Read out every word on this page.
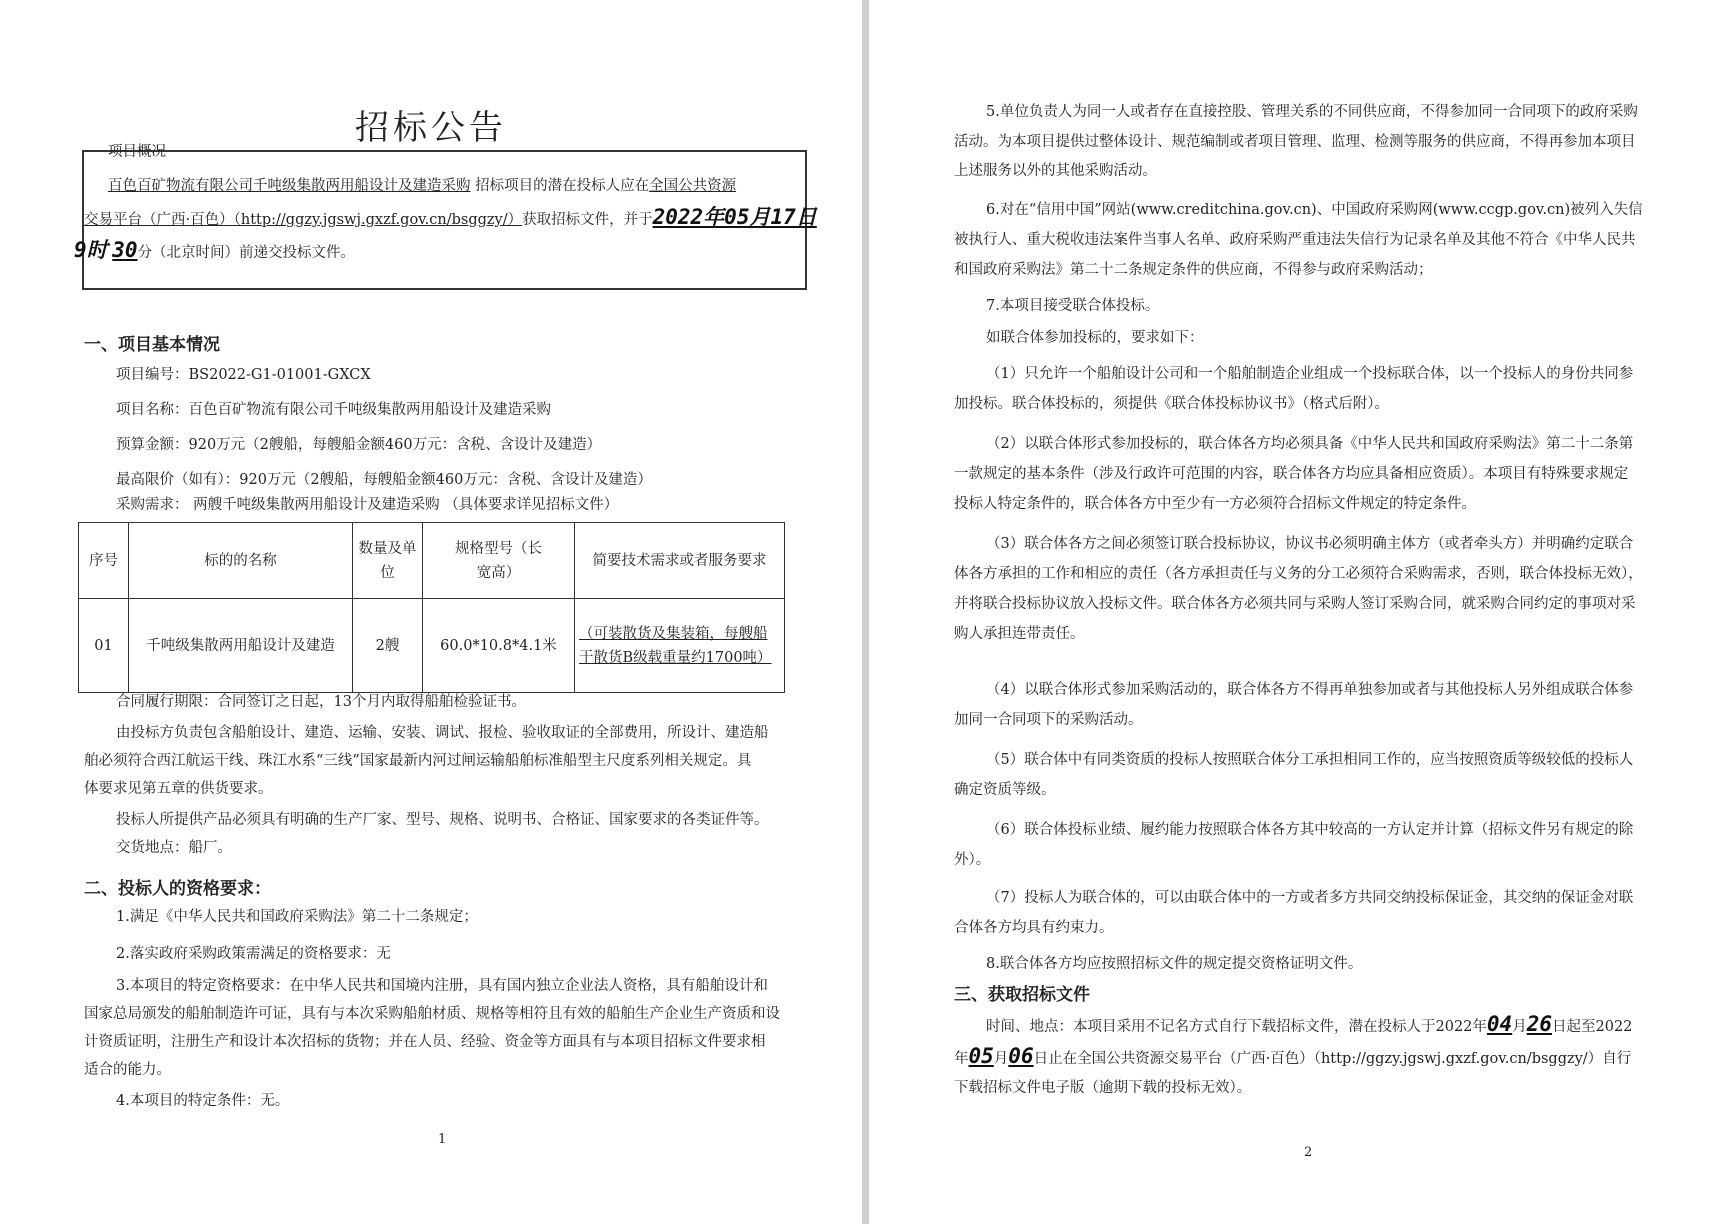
招标公告
项目概况
百色百矿物流有限公司千吨级集散两用船设计及建造采购 招标项目的潜在投标人应在全国公共资源
交易平台（广西·百色）（http://ggzy.jgswj.gxzf.gov.cn/bsggzy/）获取招标文件，并于2022年05月17日
9时 30分（北京时间）前递交投标文件。
一、项目基本情况
项目编号：BS2022-G1-01001-GXCX
项目名称：百色百矿物流有限公司千吨级集散两用船设计及建造采购
预算金额：920万元（2艘船，每艘船金额460万元：含税、含设计及建造）
最高限价（如有）：920万元（2艘船，每艘船金额460万元：含税、含设计及建造）
采购需求： 两艘千吨级集散两用船设计及建造采购 （具体要求详见招标文件）
序号	标的的名称	数量及单位	规格型号（长宽高）	简要技术需求或者服务要求
01	千吨级集散两用船设计及建造	2艘	60.0*10.8*4.1米	（可装散货及集装箱，每艘船干散货B级载重量约1700吨）
合同履行期限：合同签订之日起，13个月内取得船舶检验证书。
由投标方负责包含船舶设计、建造、运输、安装、调试、报检、验收取证的全部费用，所设计、建造船
舶必须符合西江航运干线、珠江水系“三线”国家最新内河过闸运输船舶标准船型主尺度系列相关规定。具
体要求见第五章的供货要求。
投标人所提供产品必须具有明确的生产厂家、型号、规格、说明书、合格证、国家要求的各类证件等。
交货地点：船厂。
二、投标人的资格要求：
1.满足《中华人民共和国政府采购法》第二十二条规定；
2.落实政府采购政策需满足的资格要求：无
3.本项目的特定资格要求：在中华人民共和国境内注册，具有国内独立企业法人资格，具有船舶设计和
国家总局颁发的船舶制造许可证，具有与本次采购船舶材质、规格等相符且有效的船舶生产企业生产资质和设
计资质证明，注册生产和设计本次招标的货物；并在人员、经验、资金等方面具有与本项目招标文件要求相
适合的能力。
4.本项目的特定条件：无。
1
5.单位负责人为同一人或者存在直接控股、管理关系的不同供应商，不得参加同一合同项下的政府采购
活动。为本项目提供过整体设计、规范编制或者项目管理、监理、检测等服务的供应商，不得再参加本项目
上述服务以外的其他采购活动。
6.对在“信用中国”网站(www.creditchina.gov.cn)、中国政府采购网(www.ccgp.gov.cn)被列入失信
被执行人、重大税收违法案件当事人名单、政府采购严重违法失信行为记录名单及其他不符合《中华人民共
和国政府采购法》第二十二条规定条件的供应商，不得参与政府采购活动；
7.本项目接受联合体投标。
如联合体参加投标的，要求如下：
（1）只允许一个船舶设计公司和一个船舶制造企业组成一个投标联合体，以一个投标人的身份共同参
加投标。联合体投标的，须提供《联合体投标协议书》（格式后附）。
（2）以联合体形式参加投标的，联合体各方均必须具备《中华人民共和国政府采购法》第二十二条第
一款规定的基本条件（涉及行政许可范围的内容，联合体各方均应具备相应资质）。本项目有特殊要求规定
投标人特定条件的，联合体各方中至少有一方必须符合招标文件规定的特定条件。
（3）联合体各方之间必须签订联合投标协议，协议书必须明确主体方（或者牵头方）并明确约定联合
体各方承担的工作和相应的责任（各方承担责任与义务的分工必须符合采购需求，否则，联合体投标无效），
并将联合投标协议放入投标文件。联合体各方必须共同与采购人签订采购合同，就采购合同约定的事项对采
购人承担连带责任。
（4）以联合体形式参加采购活动的，联合体各方不得再单独参加或者与其他投标人另外组成联合体参
加同一合同项下的采购活动。
（5）联合体中有同类资质的投标人按照联合体分工承担相同工作的，应当按照资质等级较低的投标人
确定资质等级。
（6）联合体投标业绩、履约能力按照联合体各方其中较高的一方认定并计算（招标文件另有规定的除
外）。
（7）投标人为联合体的，可以由联合体中的一方或者多方共同交纳投标保证金，其交纳的保证金对联
合体各方均具有约束力。
8.联合体各方均应按照招标文件的规定提交资格证明文件。
三、获取招标文件
时间、地点：本项目采用不记名方式自行下载招标文件，潜在投标人于2022年04月26日起至2022
年05月06日止在全国公共资源交易平台（广西·百色）（http://ggzy.jgswj.gxzf.gov.cn/bsggzy/）自行
下载招标文件电子版（逾期下载的投标无效）。
2
